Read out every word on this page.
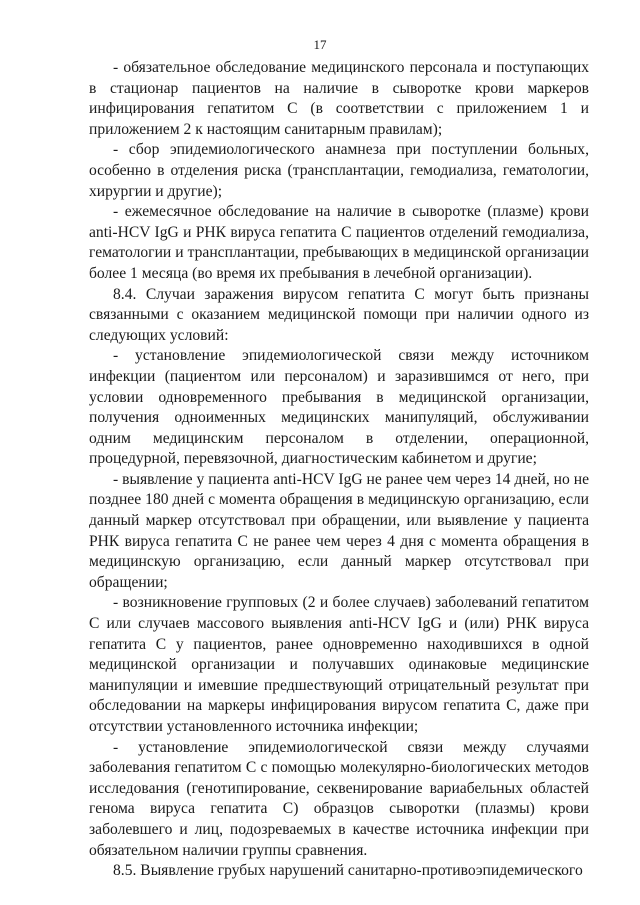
17

- обязательное обследование медицинского персонала и поступающих в стационар пациентов на наличие в сыворотке крови маркеров инфицирования гепатитом С (в соответствии с приложением 1 и приложением 2 к настоящим санитарным правилам);

- сбор эпидемиологического анамнеза при поступлении больных, особенно в отделения риска (трансплантации, гемодиализа, гематологии, хирургии и другие);

- ежемесячное обследование на наличие в сыворотке (плазме) крови anti-HCV IgG и РНК вируса гепатита С пациентов отделений гемодиализа, гематологии и трансплантации, пребывающих в медицинской организации более 1 месяца (во время их пребывания в лечебной организации).

8.4. Случаи заражения вирусом гепатита С могут быть признаны связанными с оказанием медицинской помощи при наличии одного из следующих условий:

- установление эпидемиологической связи между источником инфекции (пациентом или персоналом) и заразившимся от него, при условии одновременного пребывания в медицинской организации, получения одноименных медицинских манипуляций, обслуживании одним медицинским персоналом в отделении, операционной, процедурной, перевязочной, диагностическим кабинетом и другие;

- выявление у пациента anti-HCV IgG не ранее чем через 14 дней, но не позднее 180 дней с момента обращения в медицинскую организацию, если данный маркер отсутствовал при обращении, или выявление у пациента РНК вируса гепатита С не ранее чем через 4 дня с момента обращения в медицинскую организацию, если данный маркер отсутствовал при обращении;

- возникновение групповых (2 и более случаев) заболеваний гепатитом С или случаев массового выявления anti-HCV IgG и (или) РНК вируса гепатита С у пациентов, ранее одновременно находившихся в одной медицинской организации и получавших одинаковые медицинские манипуляции и имевшие предшествующий отрицательный результат при обследовании на маркеры инфицирования вирусом гепатита С, даже при отсутствии установленного источника инфекции;

- установление эпидемиологической связи между случаями заболевания гепатитом С с помощью молекулярно-биологических методов исследования (генотипирование, секвенирование вариабельных областей генома вируса гепатита С) образцов сыворотки (плазмы) крови заболевшего и лиц, подозреваемых в качестве источника инфекции при обязательном наличии группы сравнения.

8.5. Выявление грубых нарушений санитарно-противоэпидемического
